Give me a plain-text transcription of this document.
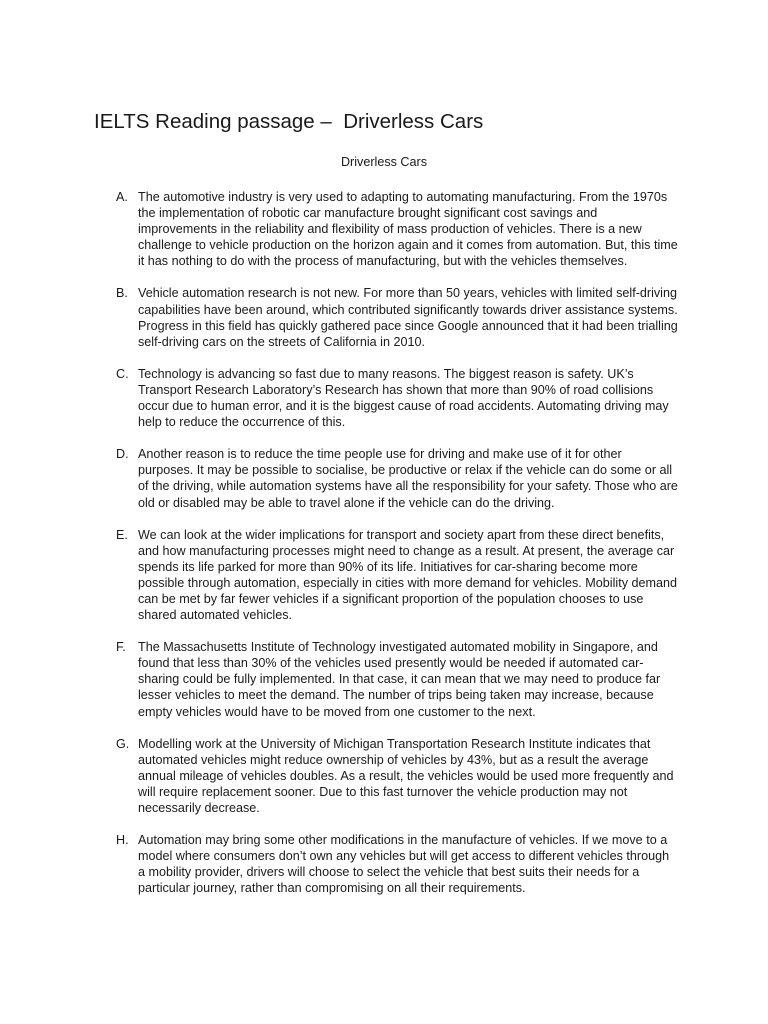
IELTS Reading passage –  Driverless Cars
Driverless Cars
A. The automotive industry is very used to adapting to automating manufacturing. From the 1970s the implementation of robotic car manufacture brought significant cost savings and improvements in the reliability and flexibility of mass production of vehicles. There is a new challenge to vehicle production on the horizon again and it comes from automation. But, this time it has nothing to do with the process of manufacturing, but with the vehicles themselves.
B. Vehicle automation research is not new. For more than 50 years, vehicles with limited self-driving capabilities have been around, which contributed significantly towards driver assistance systems. Progress in this field has quickly gathered pace since Google announced that it had been trialling self-driving cars on the streets of California in 2010.
C. Technology is advancing so fast due to many reasons. The biggest reason is safety. UK’s Transport Research Laboratory’s Research has shown that more than 90% of road collisions occur due to human error, and it is the biggest cause of road accidents. Automating driving may help to reduce the occurrence of this.
D. Another reason is to reduce the time people use for driving and make use of it for other purposes. It may be possible to socialise, be productive or relax if the vehicle can do some or all of the driving, while automation systems have all the responsibility for your safety. Those who are old or disabled may be able to travel alone if the vehicle can do the driving.
E. We can look at the wider implications for transport and society apart from these direct benefits, and how manufacturing processes might need to change as a result. At present, the average car spends its life parked for more than 90% of its life. Initiatives for car-sharing become more possible through automation, especially in cities with more demand for vehicles. Mobility demand can be met by far fewer vehicles if a significant proportion of the population chooses to use shared automated vehicles.
F. The Massachusetts Institute of Technology investigated automated mobility in Singapore, and found that less than 30% of the vehicles used presently would be needed if automated car-sharing could be fully implemented. In that case, it can mean that we may need to produce far lesser vehicles to meet the demand. The number of trips being taken may increase, because empty vehicles would have to be moved from one customer to the next.
G. Modelling work at the University of Michigan Transportation Research Institute indicates that automated vehicles might reduce ownership of vehicles by 43%, but as a result the average annual mileage of vehicles doubles. As a result, the vehicles would be used more frequently and will require replacement sooner. Due to this fast turnover the vehicle production may not necessarily decrease.
H. Automation may bring some other modifications in the manufacture of vehicles. If we move to a model where consumers don’t own any vehicles but will get access to different vehicles through a mobility provider, drivers will choose to select the vehicle that best suits their needs for a particular journey, rather than compromising on all their requirements.
